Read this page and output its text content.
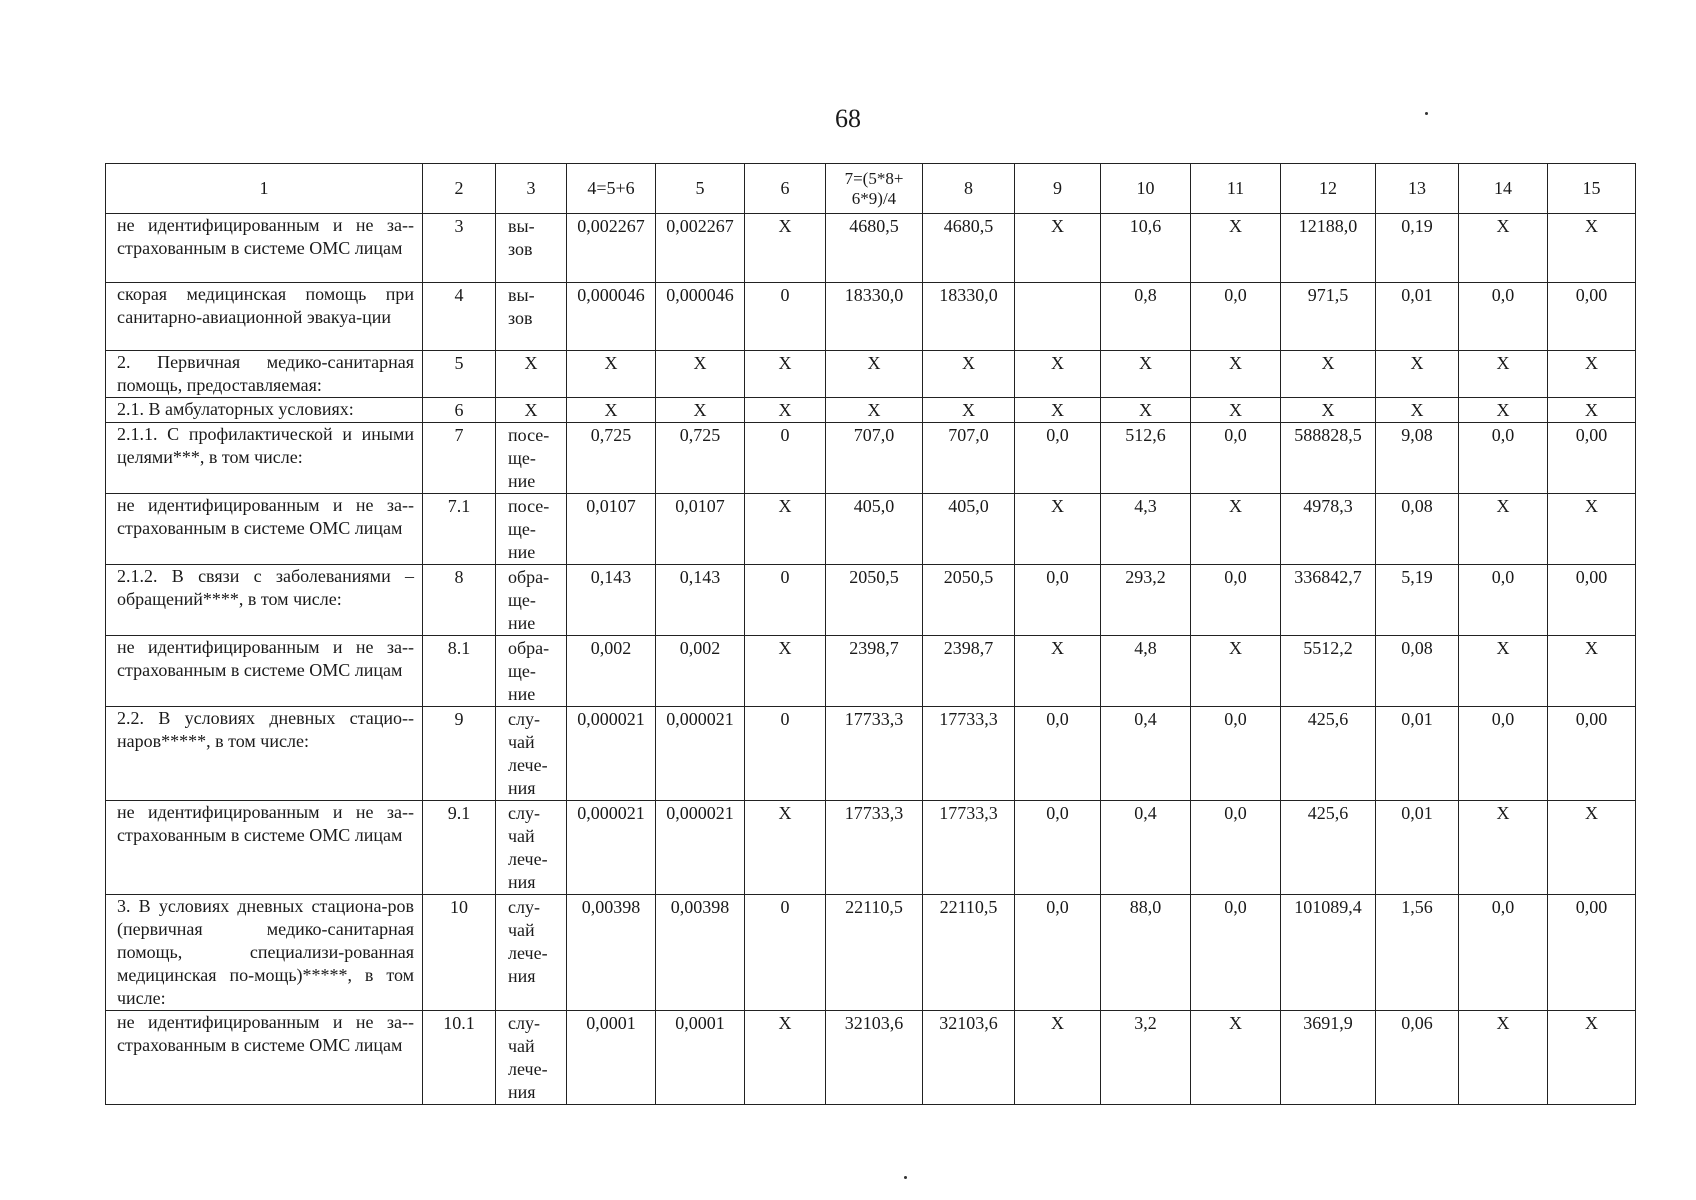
68
1	2	3	4=5+6	5	6	7=(5*8+
6*9)/4	8	9	10	11	12	13	14	15
не идентифицированным и не за-страхованным в системе ОМС лицам	3	вы-
зов	0,002267	0,002267	X	4680,5	4680,5	X	10,6	X	12188,0	0,19	X	X
скорая медицинская помощь при санитарно-авиационной эвакуа-ции	4	вы-
зов	0,000046	0,000046	0	18330,0	18330,0		0,8	0,0	971,5	0,01	0,0	0,00
2. Первичная медико-санитарная помощь, предоставляемая:	5	X	X	X	X	X	X	X	X	X	X	X	X	X
2.1. В амбулаторных условиях:	6	X	X	X	X	X	X	X	X	X	X	X	X	X
2.1.1. С профилактической и иными целями***, в том числе:	7	посе-
ще-
ние	0,725	0,725	0	707,0	707,0	0,0	512,6	0,0	588828,5	9,08	0,0	0,00
не идентифицированным и не за-страхованным в системе ОМС лицам	7.1	посе-
ще-
ние	0,0107	0,0107	X	405,0	405,0	X	4,3	X	4978,3	0,08	X	X
2.1.2. В связи с заболеваниями – обращений****, в том числе:	8	обра-
ще-
ние	0,143	0,143	0	2050,5	2050,5	0,0	293,2	0,0	336842,7	5,19	0,0	0,00
не идентифицированным и не за-страхованным в системе ОМС лицам	8.1	обра-
ще-
ние	0,002	0,002	X	2398,7	2398,7	X	4,8	X	5512,2	0,08	X	X
2.2. В условиях дневных стацио-наров*****, в том числе:	9	слу-
чай
лече-
ния	0,000021	0,000021	0	17733,3	17733,3	0,0	0,4	0,0	425,6	0,01	0,0	0,00
не идентифицированным и не за-страхованным в системе ОМС лицам	9.1	слу-
чай
лече-
ния	0,000021	0,000021	X	17733,3	17733,3	0,0	0,4	0,0	425,6	0,01	X	X
3. В условиях дневных стациона-ров (первичная медико-санитарная помощь, специализи-рованная медицинская по-мощь)*****, в том числе:	10	слу-
чай
лече-
ния	0,00398	0,00398	0	22110,5	22110,5	0,0	88,0	0,0	101089,4	1,56	0,0	0,00
не идентифицированным и не за-страхованным в системе ОМС лицам	10.1	слу-
чай
лече-
ния	0,0001	0,0001	X	32103,6	32103,6	X	3,2	X	3691,9	0,06	X	X
